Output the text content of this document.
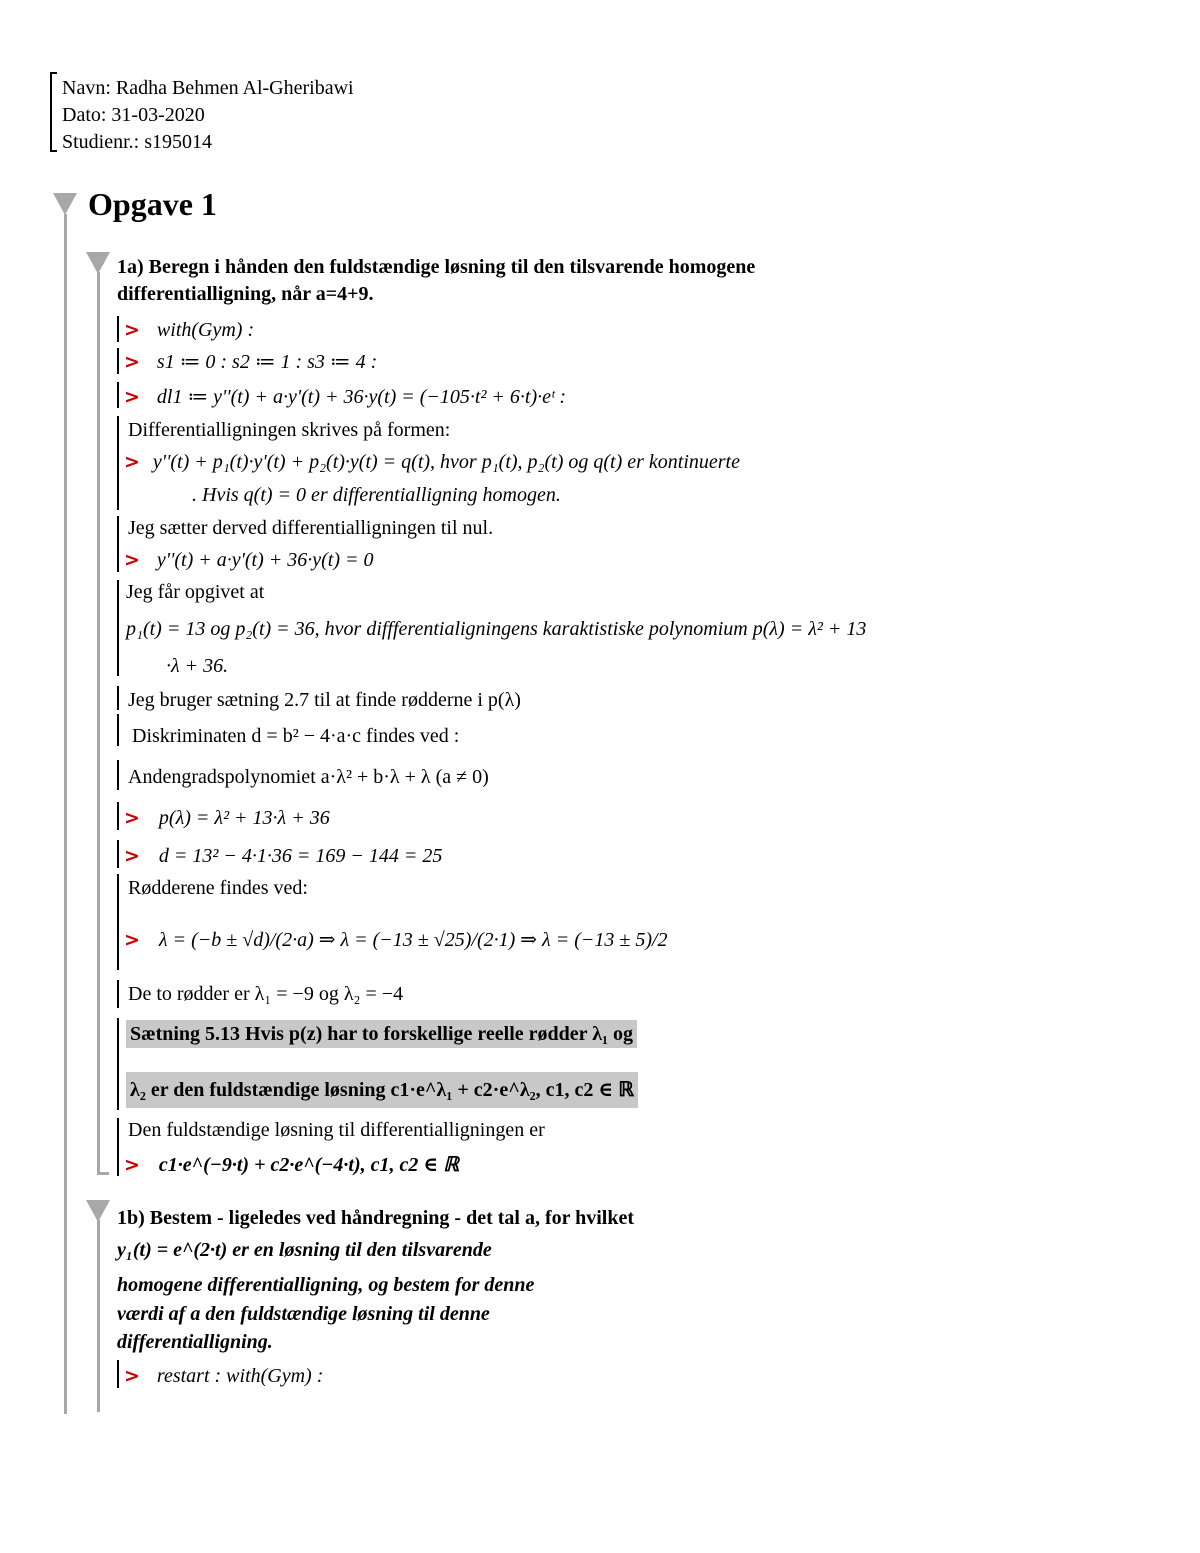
Navn: Radha Behmen Al-Gheribawi
Dato: 31-03-2020
Studienr.: s195014
Opgave 1
1a) Beregn i hånden den fuldstændige løsning til den tilsvarende homogene
differentialligning, når a=4+9.
> with(Gym) :
> s1 ≔ 0 : s2 ≔ 1 : s3 ≔ 4 :
> dl1 ≔ y''(t) + a·y'(t) + 36·y(t) = (−105·t² + 6·t)·eᵗ :
Differentialligningen skrives på formen:
> y''(t) + p₁(t)·y'(t) + p₂(t)·y(t) = q(t), hvor p₁(t), p₂(t) og q(t) er kontinuerte
. Hvis q(t) = 0 er differentialligning homogen.
Jeg sætter derved differentialligningen til nul.
> y''(t) + a·y'(t) + 36·y(t) = 0
Jeg får opgivet at
p₁(t) = 13 og p₂(t) = 36, hvor diffferentialigningens karaktistiske polynomium p(λ) = λ² + 13
·λ + 36.
Jeg bruger sætning 2.7 til at finde rødderne i p(λ)
Diskriminaten d = b² − 4·a·c findes ved :
Andengradspolynomiet a·λ² + b·λ + λ (a ≠ 0)
> p(λ) = λ² + 13·λ + 36
> d = 13² − 4·1·36 = 169 − 144 = 25
Rødderene findes ved:
> λ = (−b ± √d)/(2·a) ⇒ λ = (−13 ± √25)/(2·1) ⇒ λ = (−13 ± 5)/2
De to rødder er λ₁ = −9 og λ₂ = −4
Sætning 5.13 Hvis p(z) har to forskellige reelle rødder λ₁ og
λ₂ er den fuldstændige løsning c1·e^λ₁ + c2·e^λ₂, c1, c2 ∈ ℝ
Den fuldstændige løsning til differentialligningen er
> c1·e^(−9·t) + c2·e^(−4·t), c1, c2 ∈ ℝ
1b) Bestem - ligeledes ved håndregning - det tal a, for hvilket
y₁(t) = e^(2·t) er en løsning til den tilsvarende
homogene differentialligning, og bestem for denne
værdi af a den fuldstændige løsning til denne
differentialligning.
> restart : with(Gym) :
